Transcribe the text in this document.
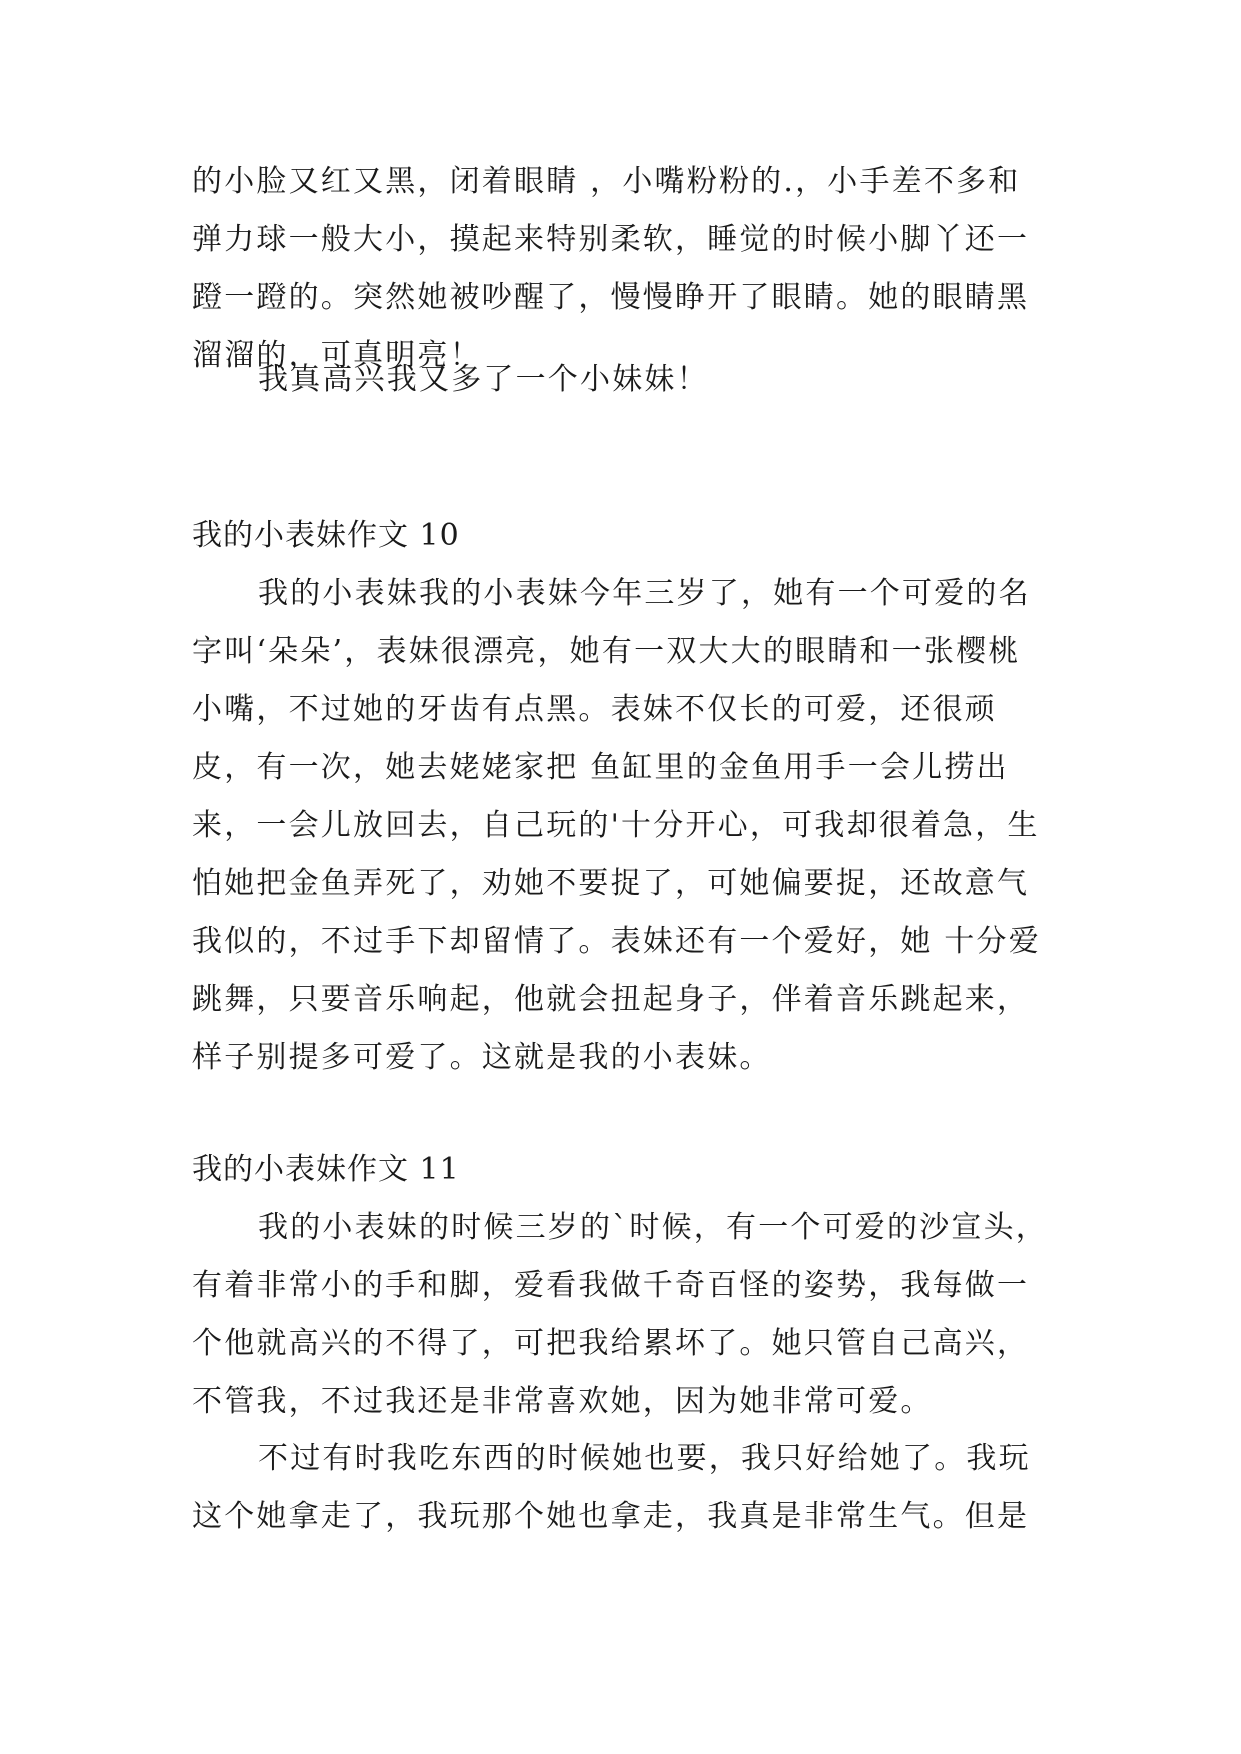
的小脸又红又黑，闭着眼睛 ，小嘴粉粉的.，小手差不多和弹力球一般大小，摸起来特别柔软，睡觉的时候小脚丫还一蹬一蹬的。突然她被吵醒了，慢慢睁开了眼睛。她的眼睛黑溜溜的，可真明亮！

我真高兴我又多了一个小妹妹！

我的小表妹作文 10

我的小表妹我的小表妹今年三岁了，她有一个可爱的名字叫‘朵朵’，表妹很漂亮，她有一双大大的眼睛和一张樱桃小嘴，不过她的牙齿有点黑。表妹不仅长的可爱，还很顽皮，有一次，她去姥姥家把 鱼缸里的金鱼用手一会儿捞出来，一会儿放回去，自己玩的'十分开心，可我却很着急，生怕她把金鱼弄死了，劝她不要捉了，可她偏要捉，还故意气我似的，不过手下却留情了。表妹还有一个爱好，她 十分爱跳舞，只要音乐响起，他就会扭起身子，伴着音乐跳起来，样子别提多可爱了。这就是我的小表妹。

我的小表妹作文 11

我的小表妹的时候三岁的`时候，有一个可爱的沙宣头，有着非常小的手和脚，爱看我做千奇百怪的姿势，我每做一个他就高兴的不得了，可把我给累坏了。她只管自己高兴，不管我，不过我还是非常喜欢她，因为她非常可爱。

不过有时我吃东西的时候她也要，我只好给她了。我玩这个她拿走了，我玩那个她也拿走，我真是非常生气。但是
